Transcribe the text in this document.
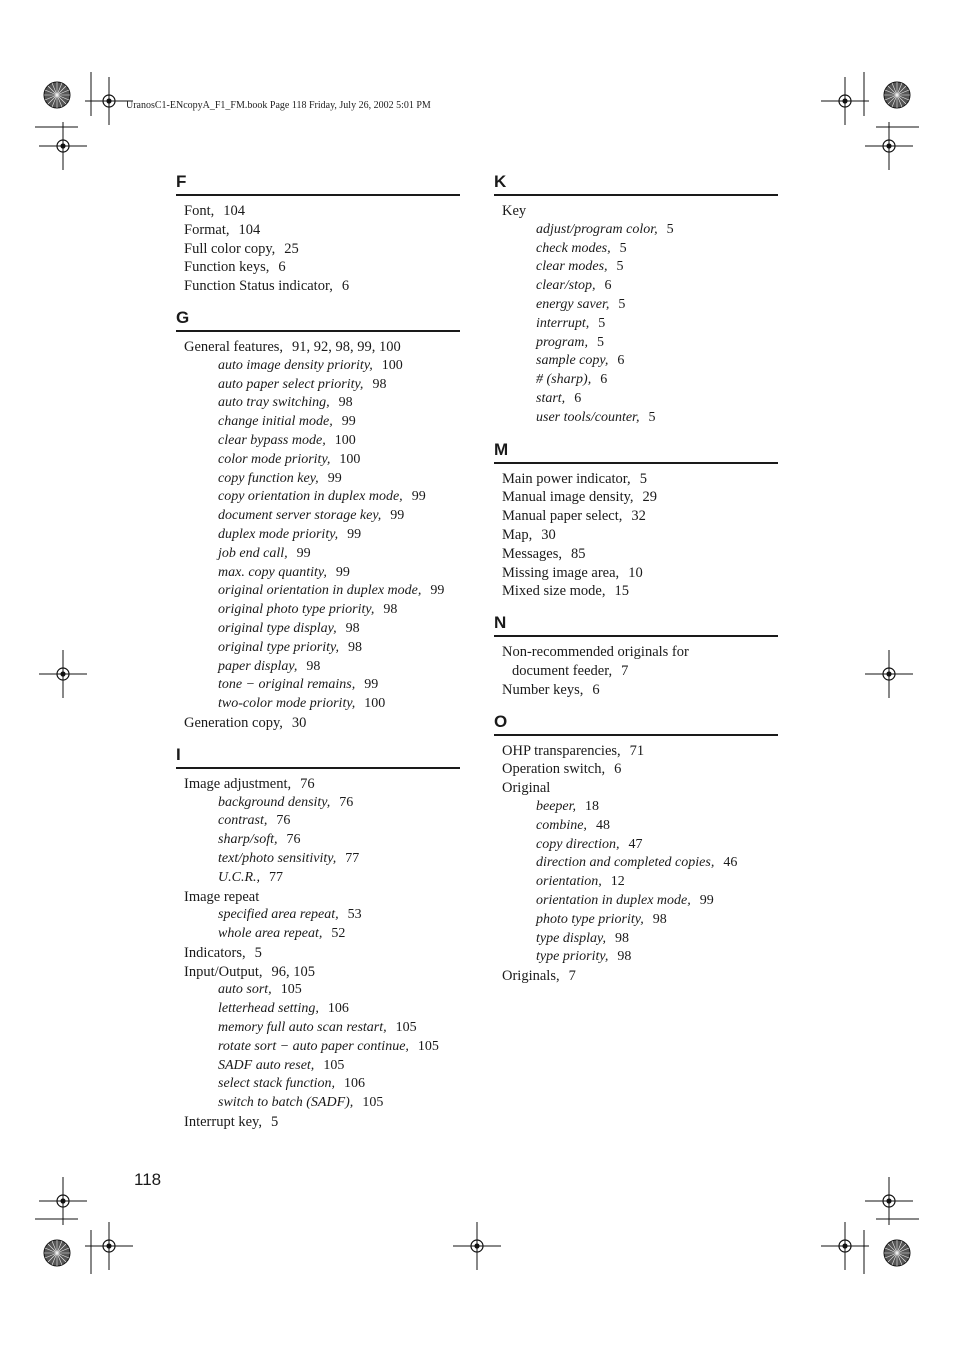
UranosC1-ENcopyA_F1_FM.book Page 118 Friday, July 26, 2002 5:01 PM
F
Font, 104
Format, 104
Full color copy, 25
Function keys, 6
Function Status indicator, 6
G
General features, 91, 92, 98, 99, 100
auto image density priority, 100
auto paper select priority, 98
auto tray switching, 98
change initial mode, 99
clear bypass mode, 100
color mode priority, 100
copy function key, 99
copy orientation in duplex mode, 99
document server storage key, 99
duplex mode priority, 99
job end call, 99
max. copy quantity, 99
original orientation in duplex mode, 99
original photo type priority, 98
original type display, 98
original type priority, 98
paper display, 98
tone − original remains, 99
two-color mode priority, 100
Generation copy, 30
I
Image adjustment, 76
background density, 76
contrast, 76
sharp/soft, 76
text/photo sensitivity, 77
U.C.R., 77
Image repeat
specified area repeat, 53
whole area repeat, 52
Indicators, 5
Input/Output, 96, 105
auto sort, 105
letterhead setting, 106
memory full auto scan restart, 105
rotate sort − auto paper continue, 105
SADF auto reset, 105
select stack function, 106
switch to batch (SADF), 105
Interrupt key, 5
K
Key
adjust/program color, 5
check modes, 5
clear modes, 5
clear/stop, 6
energy saver, 5
interrupt, 5
program, 5
sample copy, 6
# (sharp), 6
start, 6
user tools/counter, 5
M
Main power indicator, 5
Manual image density, 29
Manual paper select, 32
Map, 30
Messages, 85
Missing image area, 10
Mixed size mode, 15
N
Non-recommended originals for
document feeder, 7
Number keys, 6
O
OHP transparencies, 71
Operation switch, 6
Original
beeper, 18
combine, 48
copy direction, 47
direction and completed copies, 46
orientation, 12
orientation in duplex mode, 99
photo type priority, 98
type display, 98
type priority, 98
Originals, 7
118
